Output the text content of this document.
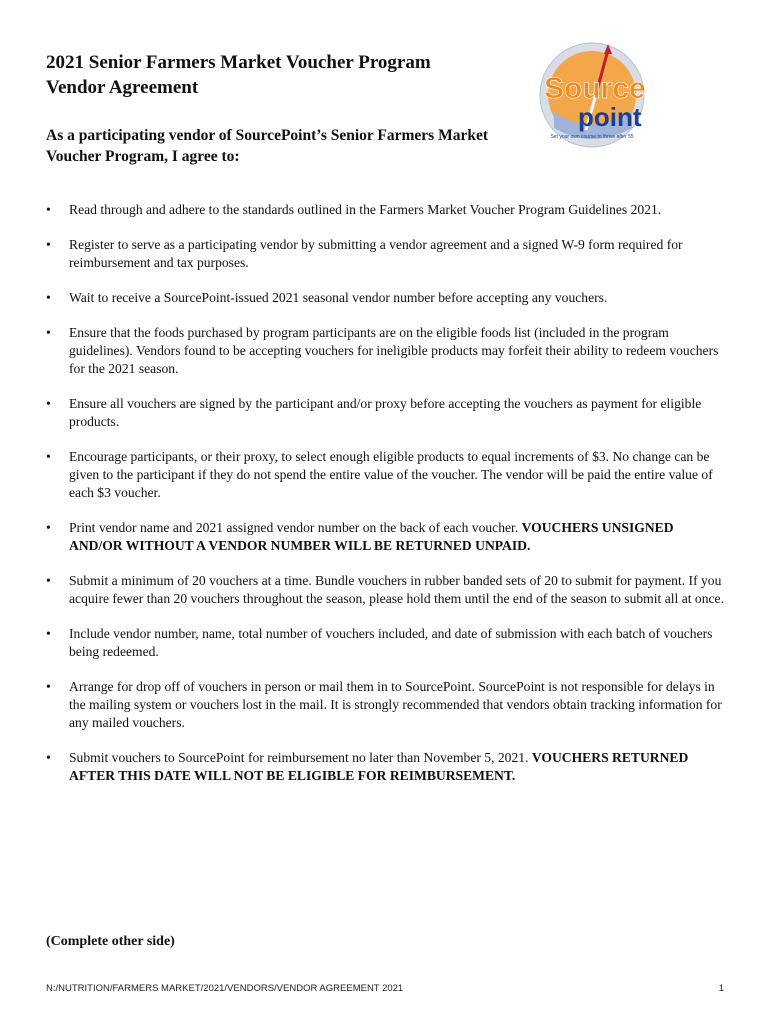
2021 Senior Farmers Market Voucher Program
Vendor Agreement

As a participating vendor of SourcePoint’s Senior Farmers Market Voucher Program, I agree to:

Source
point
Set your own course to thrive after 55
•	Read through and adhere to the standards outlined in the Farmers Market Voucher Program Guidelines 2021.
•	Register to serve as a participating vendor by submitting a vendor agreement and a signed W-9 form required for reimbursement and tax purposes.
•	Wait to receive a SourcePoint-issued 2021 seasonal vendor number before accepting any vouchers.
•	Ensure that the foods purchased by program participants are on the eligible foods list (included in the program guidelines). Vendors found to be accepting vouchers for ineligible products may forfeit their ability to redeem vouchers for the 2021 season.
•	Ensure all vouchers are signed by the participant and/or proxy before accepting the vouchers as payment for eligible products.
•	Encourage participants, or their proxy, to select enough eligible products to equal increments of $3. No change can be given to the participant if they do not spend the entire value of the voucher. The vendor will be paid the entire value of each $3 voucher.
•	Print vendor name and 2021 assigned vendor number on the back of each voucher. VOUCHERS UNSIGNED AND/OR WITHOUT A VENDOR NUMBER WILL BE RETURNED UNPAID.
•	Submit a minimum of 20 vouchers at a time. Bundle vouchers in rubber banded sets of 20 to submit for payment. If you acquire fewer than 20 vouchers throughout the season, please hold them until the end of the season to submit all at once.
•	Include vendor number, name, total number of vouchers included, and date of submission with each batch of vouchers being redeemed.
•	Arrange for drop off of vouchers in person or mail them in to SourcePoint. SourcePoint is not responsible for delays in the mailing system or vouchers lost in the mail. It is strongly recommended that vendors obtain tracking information for any mailed vouchers.
•	Submit vouchers to SourcePoint for reimbursement no later than November 5, 2021. VOUCHERS RETURNED AFTER THIS DATE WILL NOT BE ELIGIBLE FOR REIMBURSEMENT.

(Complete other side)

N:/NUTRITION/FARMERS MARKET/2021/VENDORS/VENDOR AGREEMENT 2021	1
